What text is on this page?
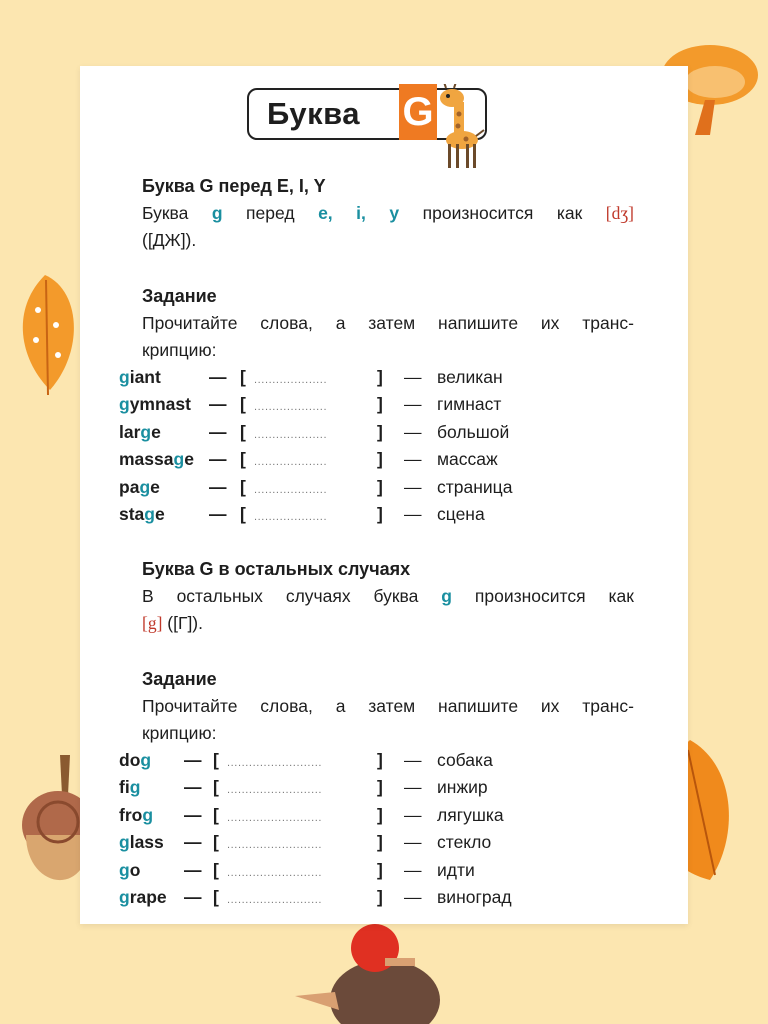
Буква G
Буква G перед E, I, Y
Буква g перед e, i, y произносится как [dʒ]
([ДЖ]).
Задание
Прочитайте слова, а затем напишите их транс-
крипцию:
giant	— [ ....................	] — великан
gymnast — [ ....................	] — гимнаст
large	— [ ....................	] — большой
massage — [ ....................	] — массаж
page	— [ ....................	] — страница
stage	— [ ....................	] — сцена
Буква G в остальных случаях
В остальных случаях буква g произносится как
[g] ([Г]).
Задание
Прочитайте слова, а затем напишите их транс-
крипцию:
dog — [ ..........................	] — собака
fig — [ ..........................	] — инжир
frog — [ ..........................	] — лягушка
glass — [ ..........................	] — стекло
go — [ ..........................	] — идти
grape — [ ..........................	] — виноград
